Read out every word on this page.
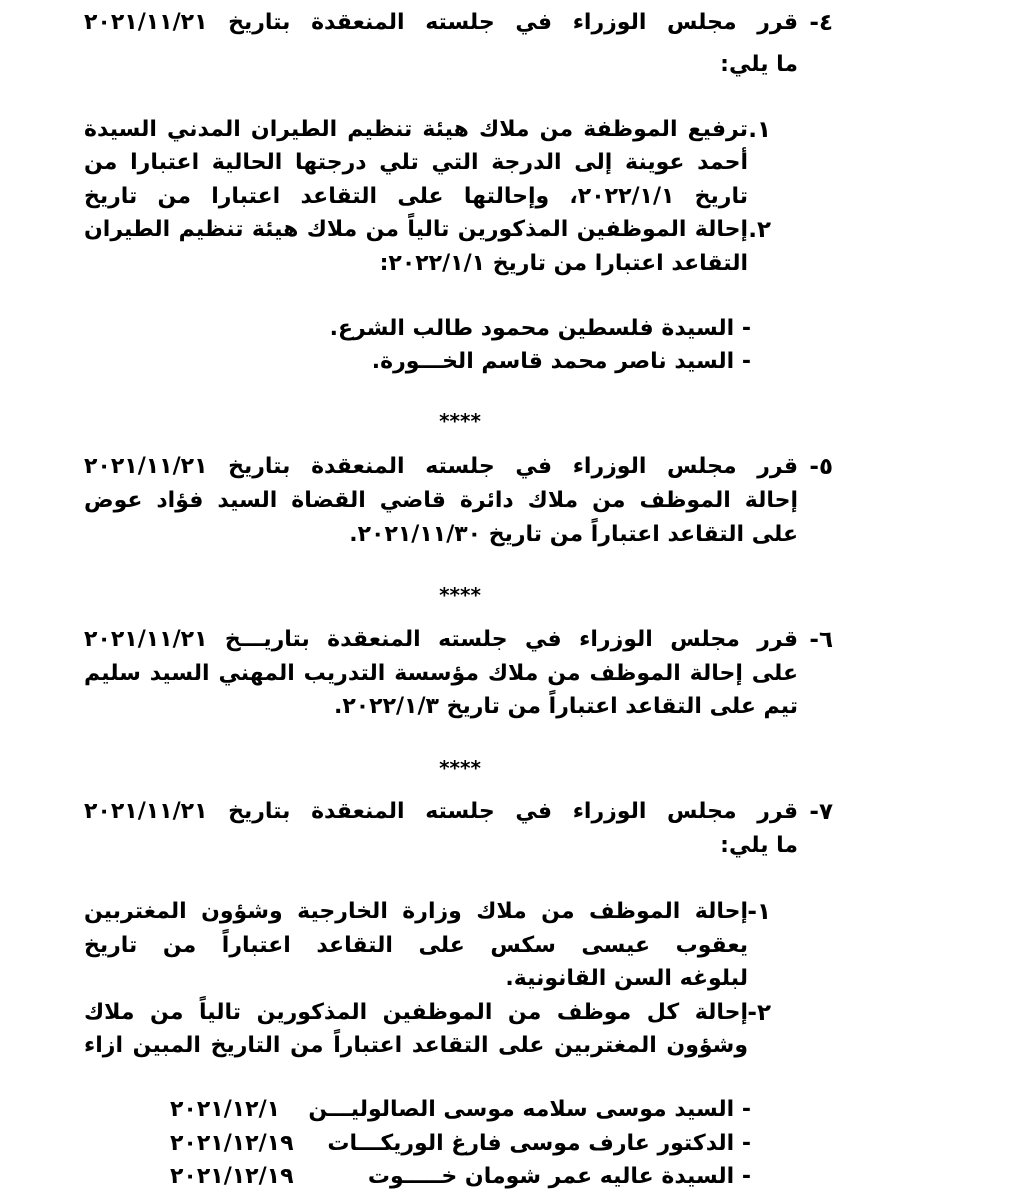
٤-
قرر مجلس الوزراء في جلسته المنعقدة بتاريخ ٢٠٢١/١١/٢١
ما يلي:
١.
ترفيع الموظفة من ملاك هيئة تنظيم الطيران المدني السيدة
أحمد عوينة إلى الدرجة التي تلي درجتها الحالية اعتبارا من
تاريخ ٢٠٢٢/١/١، وإحالتها على التقاعد اعتبارا من تاريخ
٢.
إحالة الموظفين المذكورين تالياً من ملاك هيئة تنظيم الطيران
التقاعد اعتبارا من تاريخ ٢٠٢٢/١/١:
- السيدة فلسطين محمود طالب الشرع.
- السيد ناصر محمد قاسم الخـــورة.
****
٥-
قرر مجلس الوزراء في جلسته المنعقدة بتاريخ ٢٠٢١/١١/٢١
إحالة الموظف من ملاك دائرة قاضي القضاة السيد فؤاد عوض
على التقاعد اعتباراً من تاريخ ٢٠٢١/١١/٣٠.
****
٦-
قرر مجلس الوزراء في جلسته المنعقدة بتاريـــخ ٢٠٢١/١١/٢١
على إحالة الموظف من ملاك مؤسسة التدريب المهني السيد سليم
تيم على التقاعد اعتباراً من تاريخ ٢٠٢٢/١/٣.
****
٧-
قرر مجلس الوزراء في جلسته المنعقدة بتاريخ ٢٠٢١/١١/٢١
ما يلي:
١-
إحالة الموظف من ملاك وزارة الخارجية وشؤون المغتربين
يعقوب عيسى سكس على التقاعد اعتباراً من تاريخ
لبلوغه السن القانونية.
٢-
إحالة كل موظف من الموظفين المذكورين تالياً من ملاك
وشؤون المغتربين على التقاعد اعتباراً من التاريخ المبين ازاء
- السيد موسى سلامه موسى الصالوليـــن
٢٠٢١/١٢/١
- الدكتور عارف موسى فارغ الوريكـــات
٢٠٢١/١٢/١٩
- السيدة عاليه عمر شومان خـــــوت
٢٠٢١/١٢/١٩
